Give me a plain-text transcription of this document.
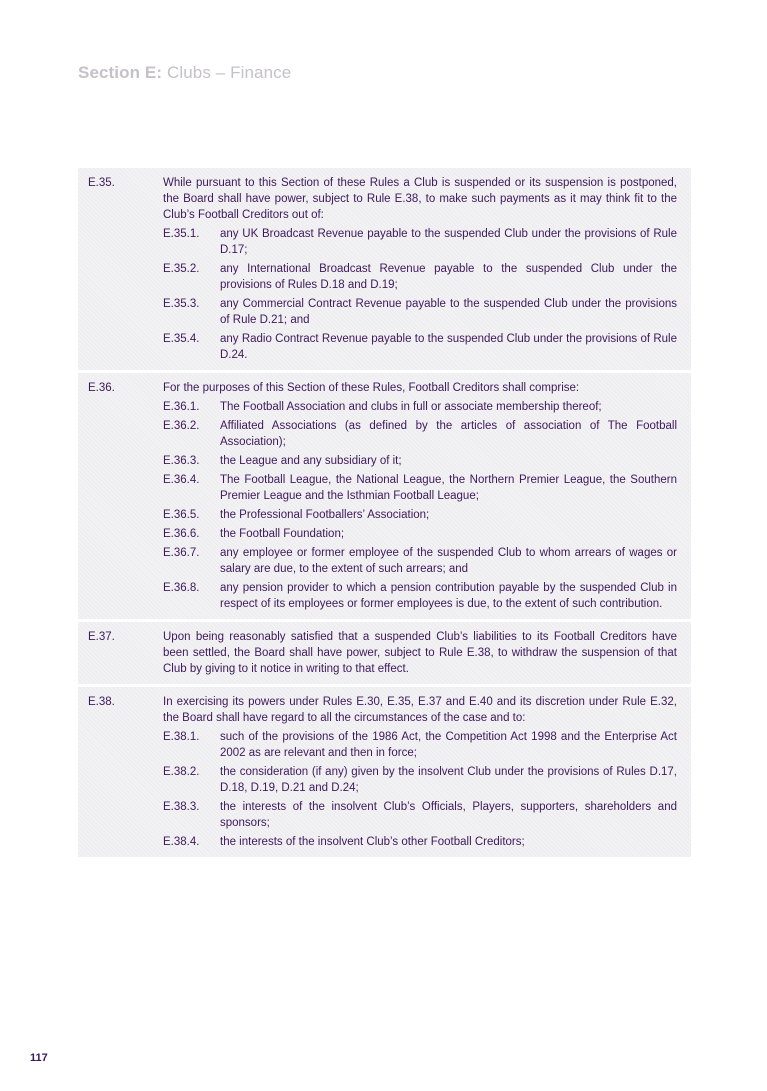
Section E: Clubs – Finance
E.35.	While pursuant to this Section of these Rules a Club is suspended or its suspension is postponed, the Board shall have power, subject to Rule E.38, to make such payments as it may think fit to the Club’s Football Creditors out of:
E.35.1.	any UK Broadcast Revenue payable to the suspended Club under the provisions of Rule D.17;
E.35.2.	any International Broadcast Revenue payable to the suspended Club under the provisions of Rules D.18 and D.19;
E.35.3.	any Commercial Contract Revenue payable to the suspended Club under the provisions of Rule D.21; and
E.35.4.	any Radio Contract Revenue payable to the suspended Club under the provisions of Rule D.24.
E.36.	For the purposes of this Section of these Rules, Football Creditors shall comprise:
E.36.1.	The Football Association and clubs in full or associate membership thereof;
E.36.2.	Affiliated Associations (as defined by the articles of association of The Football Association);
E.36.3.	the League and any subsidiary of it;
E.36.4.	The Football League, the National League, the Northern Premier League, the Southern Premier League and the Isthmian Football League;
E.36.5.	the Professional Footballers’ Association;
E.36.6.	the Football Foundation;
E.36.7.	any employee or former employee of the suspended Club to whom arrears of wages or salary are due, to the extent of such arrears; and
E.36.8.	any pension provider to which a pension contribution payable by the suspended Club in respect of its employees or former employees is due, to the extent of such contribution.
E.37.	Upon being reasonably satisfied that a suspended Club’s liabilities to its Football Creditors have been settled, the Board shall have power, subject to Rule E.38, to withdraw the suspension of that Club by giving to it notice in writing to that effect.
E.38.	In exercising its powers under Rules E.30, E.35, E.37 and E.40 and its discretion under Rule E.32, the Board shall have regard to all the circumstances of the case and to:
E.38.1.	such of the provisions of the 1986 Act, the Competition Act 1998 and the Enterprise Act 2002 as are relevant and then in force;
E.38.2.	the consideration (if any) given by the insolvent Club under the provisions of Rules D.17, D.18, D.19, D.21 and D.24;
E.38.3.	the interests of the insolvent Club’s Officials, Players, supporters, shareholders and sponsors;
E.38.4.	the interests of the insolvent Club’s other Football Creditors;
117
